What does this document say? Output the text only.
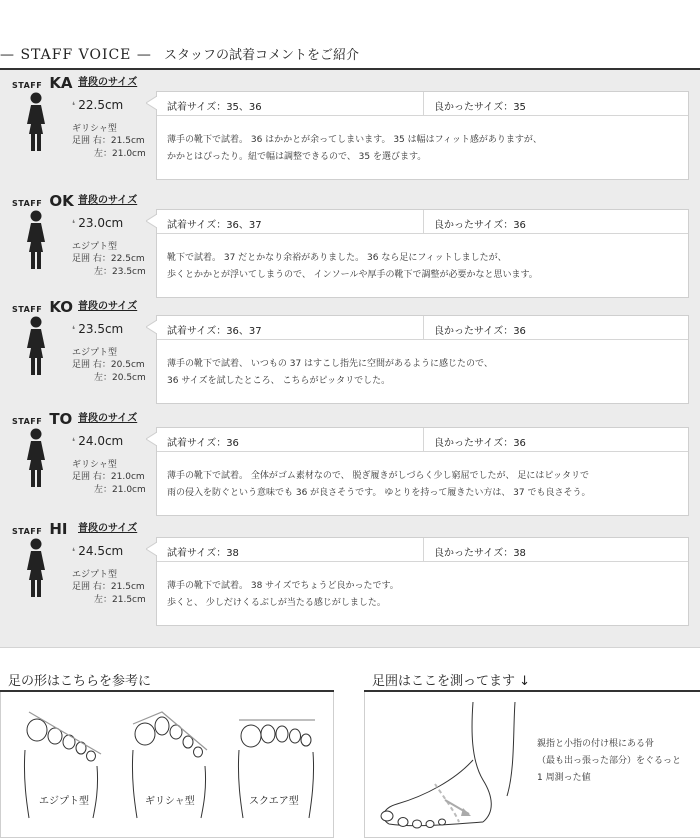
— STAFF VOICE — スタッフの試着コメントをご紹介
STAFF KA 普段のサイズ
❛ 22.5cm
ギリシャ型
足囲 右：21.5cm
左：21.0cm
試着サイズ：35、36	良かったサイズ：35
薄手の靴下で試着。 36 はかかとが余ってしまいます。 35 は幅はフィット感がありますが、
かかとはぴったり。紐で幅は調整できるので、 35 を選びます。
STAFF OK 普段のサイズ
❛ 23.0cm
エジプト型
足囲 右：22.5cm
左：23.5cm
試着サイズ：36、37	良かったサイズ：36
靴下で試着。 37 だとかなり余裕がありました。 36 なら足にフィットしましたが、
歩くとかかとが浮いてしまうので、 インソールや厚手の靴下で調整が必要かなと思います。
STAFF KO 普段のサイズ
❛ 23.5cm
エジプト型
足囲 右：20.5cm
左：20.5cm
試着サイズ：36、37	良かったサイズ：36
薄手の靴下で試着、 いつもの 37 はすこし指先に空間があるように感じたので、
36 サイズを試したところ、 こちらがピッタリでした。
STAFF TO 普段のサイズ
❛ 24.0cm
ギリシャ型
足囲 右：21.0cm
左：21.0cm
試着サイズ：36	良かったサイズ：36
薄手の靴下で試着。 全体がゴム素材なので、 脱ぎ履きがしづらく少し窮屈でしたが、 足にはピッタリで
雨の侵入を防ぐという意味でも 36 が良さそうです。 ゆとりを持って履きたい方は、 37 でも良さそう。
STAFF HI 普段のサイズ
❛ 24.5cm
エジプト型
足囲 右：21.5cm
左：21.5cm
試着サイズ：38	良かったサイズ：38
薄手の靴下で試着。 38 サイズでちょうど良かったです。
歩くと、 少しだけくるぶしが当たる感じがしました。
足の形はこちらを参考に
エジプト型	ギリシャ型	スクエア型
足囲はここを測ってます ↓
親指と小指の付け根にある骨
（最も出っ張った部分）をぐるっと
1 周測った値
